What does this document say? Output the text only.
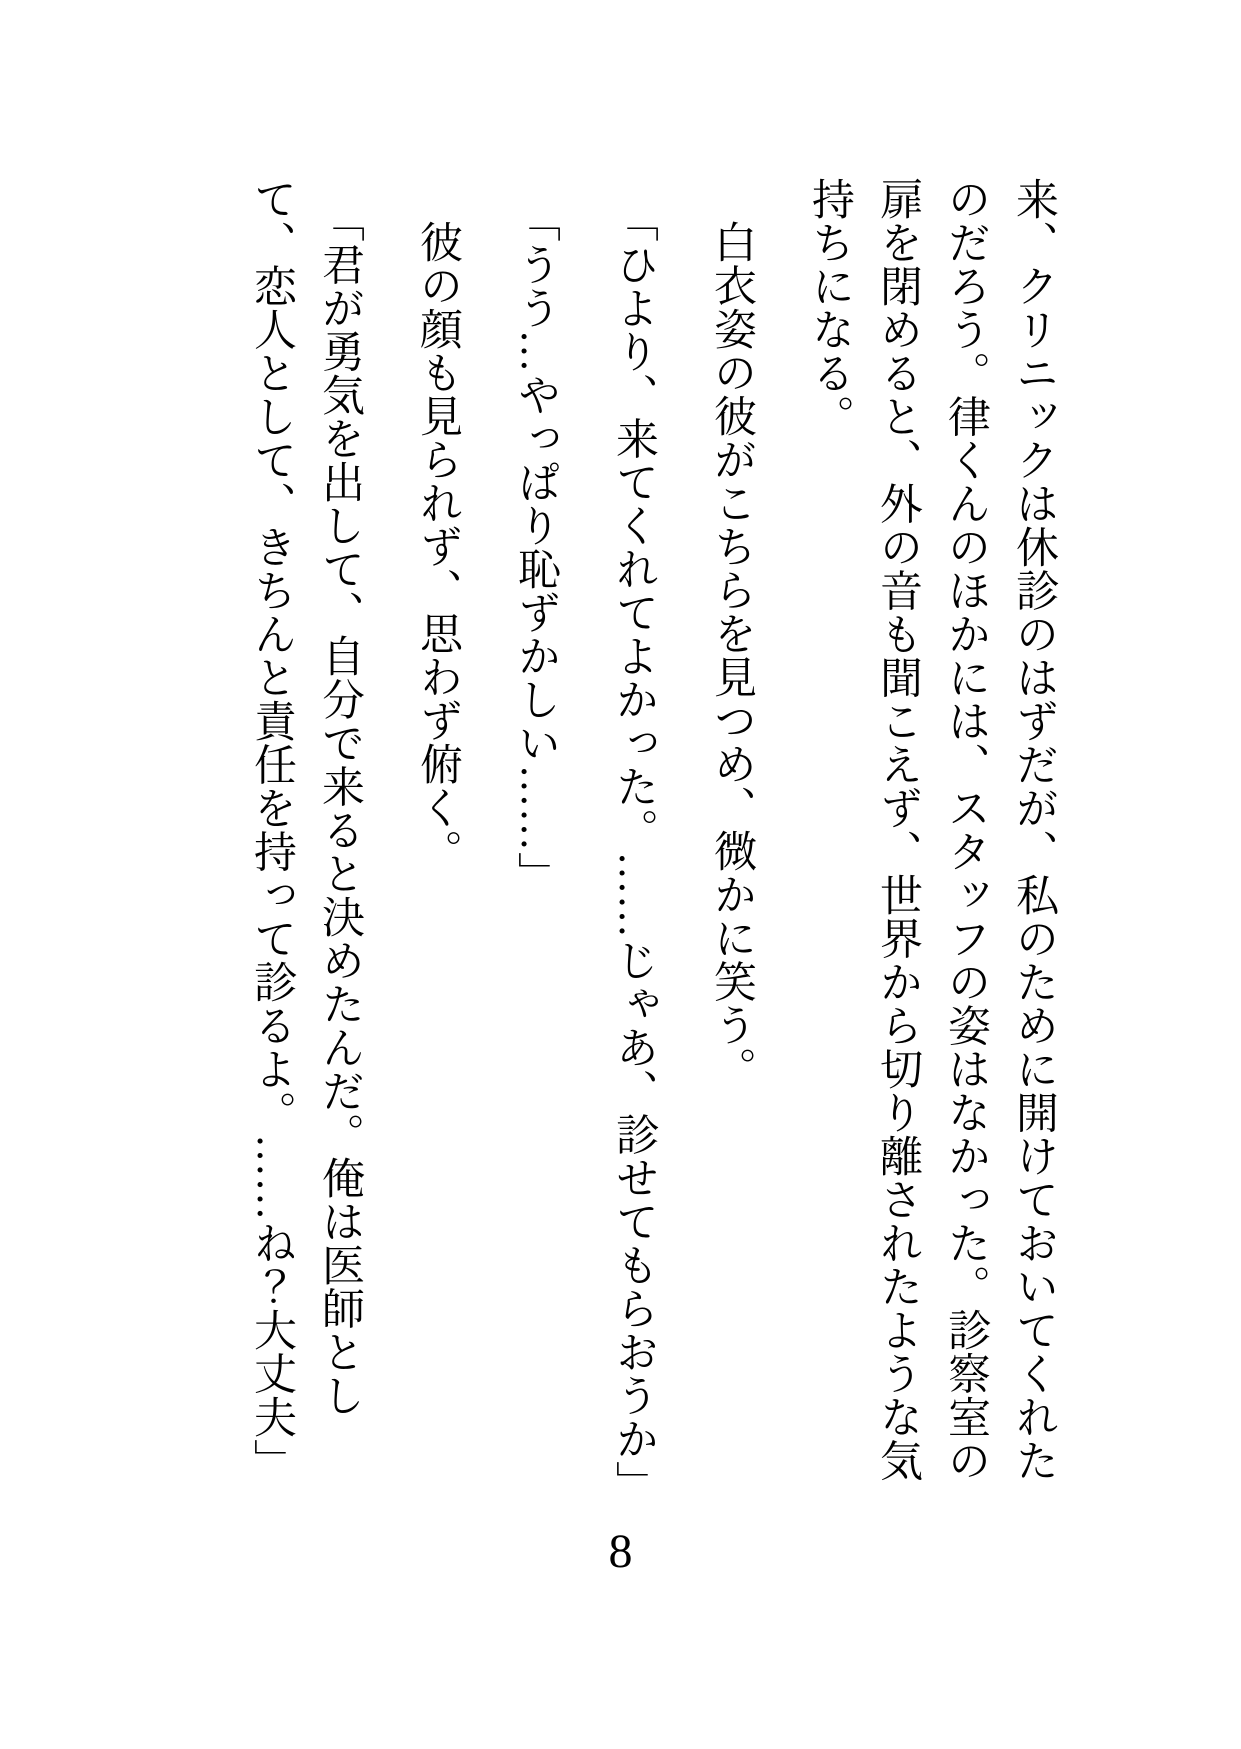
来、クリニックは休診のはずだが、私のために開けておいてくれたのだろう。律くんのほかには、スタッフの姿はなかった。診察室の扉を閉めると、外の音も聞こえず、世界から切り離されたような気持ちになる。

白衣姿の彼がこちらを見つめ、微かに笑う。

「ひより、来てくれてよかった。……じゃあ、診せてもらおうか」

「うう…やっぱり恥ずかしい……」

彼の顔も見られず、思わず俯く。

「君が勇気を出して、自分で来ると決めたんだ。俺は医師として、恋人として、きちんと責任を持って診るよ。……ね？大丈夫」

8
